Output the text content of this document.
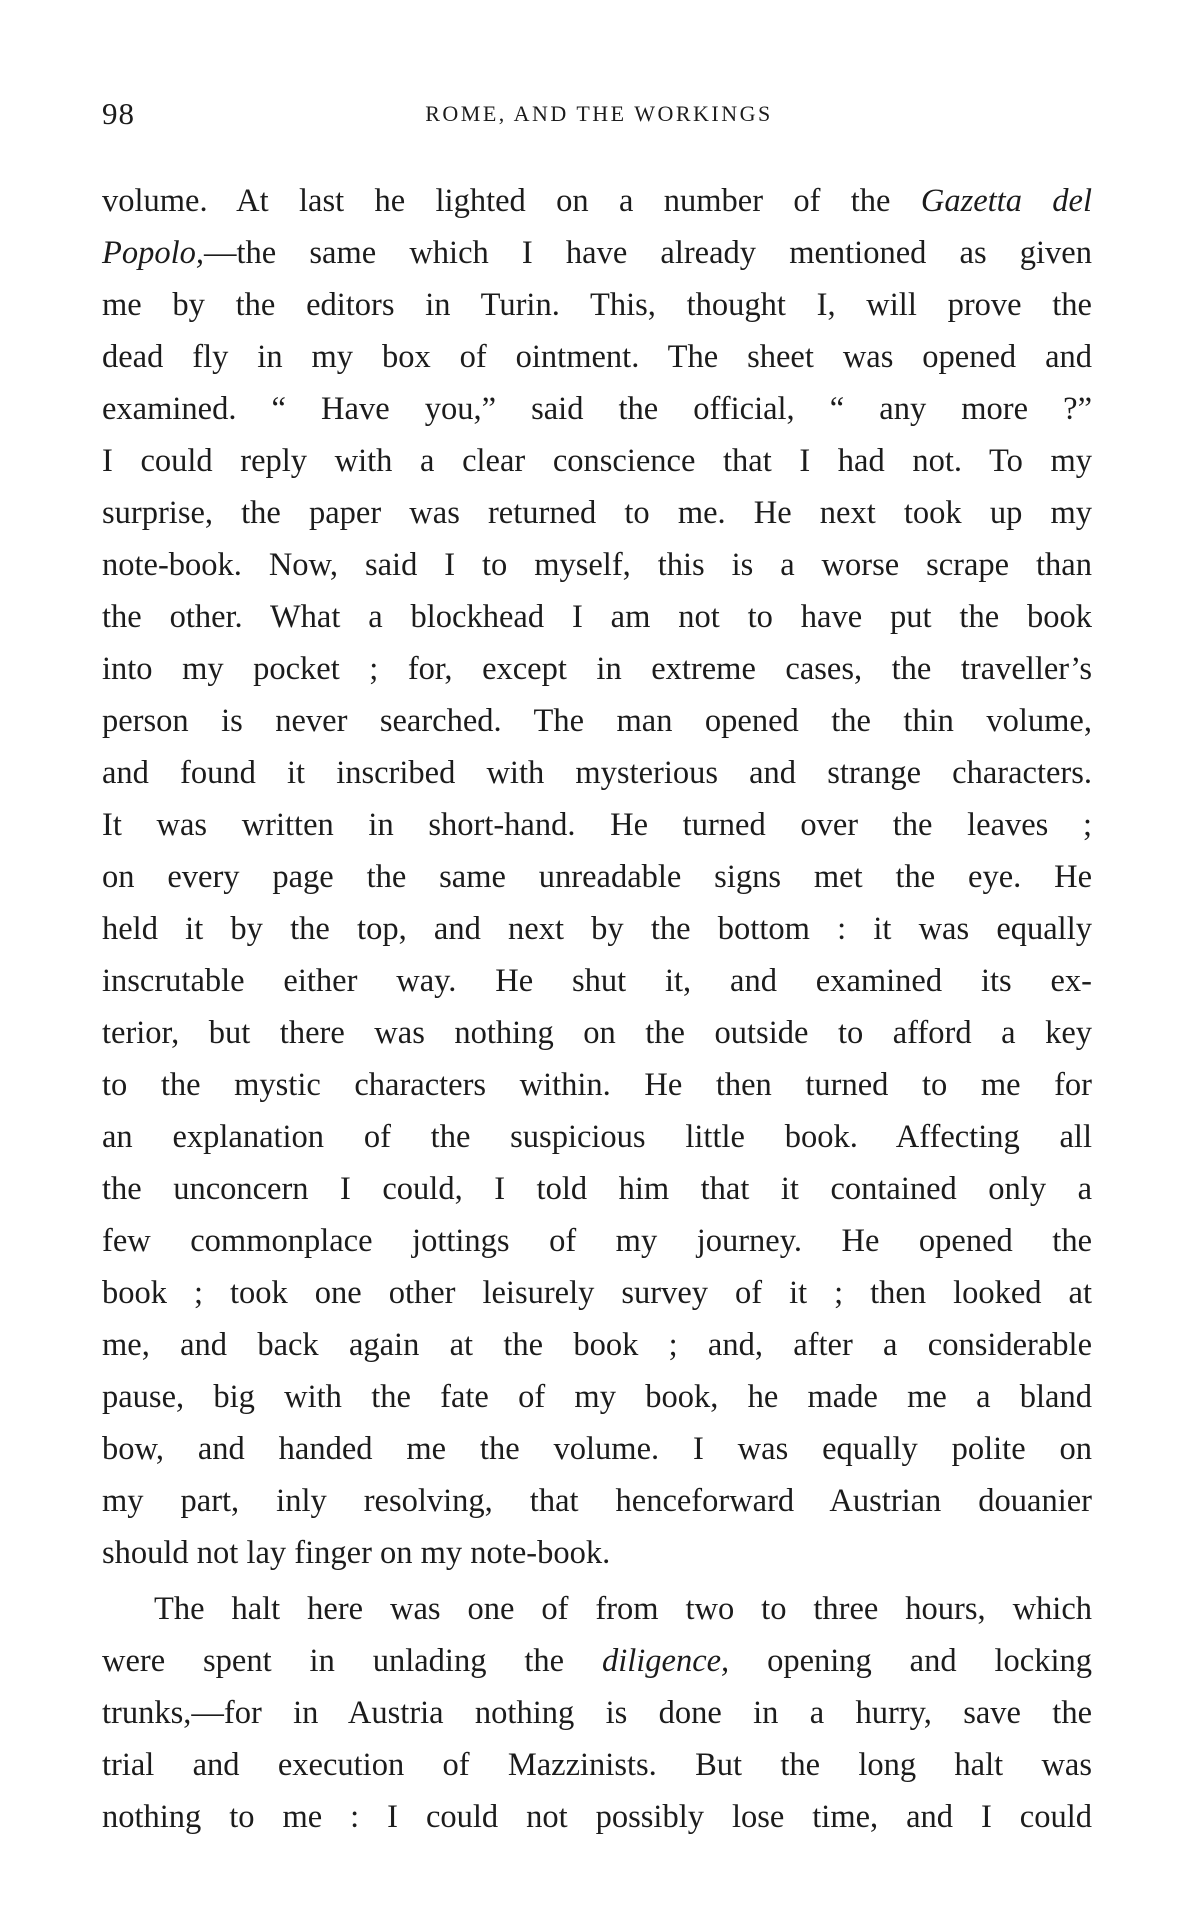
98	ROME, AND THE WORKINGS
volume. At last he lighted on a number of the Gazetta del
Popolo,—the same which I have already mentioned as given
me by the editors in Turin. This, thought I, will prove the
dead fly in my box of ointment. The sheet was opened and
examined. “ Have you,” said the official, “ any more ?”
I could reply with a clear conscience that I had not. To my
surprise, the paper was returned to me. He next took up my
note-book. Now, said I to myself, this is a worse scrape than
the other. What a blockhead I am not to have put the book
into my pocket ; for, except in extreme cases, the traveller’s
person is never searched. The man opened the thin volume,
and found it inscribed with mysterious and strange characters.
It was written in short-hand. He turned over the leaves ;
on every page the same unreadable signs met the eye. He
held it by the top, and next by the bottom : it was equally
inscrutable either way. He shut it, and examined its ex-
terior, but there was nothing on the outside to afford a key
to the mystic characters within. He then turned to me for
an explanation of the suspicious little book. Affecting all
the unconcern I could, I told him that it contained only a
few commonplace jottings of my journey. He opened the
book ; took one other leisurely survey of it ; then looked at
me, and back again at the book ; and, after a considerable
pause, big with the fate of my book, he made me a bland
bow, and handed me the volume. I was equally polite on
my part, inly resolving, that henceforward Austrian douanier
should not lay finger on my note-book.
The halt here was one of from two to three hours, which
were spent in unlading the diligence, opening and locking
trunks,—for in Austria nothing is done in a hurry, save the
trial and execution of Mazzinists. But the long halt was
nothing to me : I could not possibly lose time, and I could
